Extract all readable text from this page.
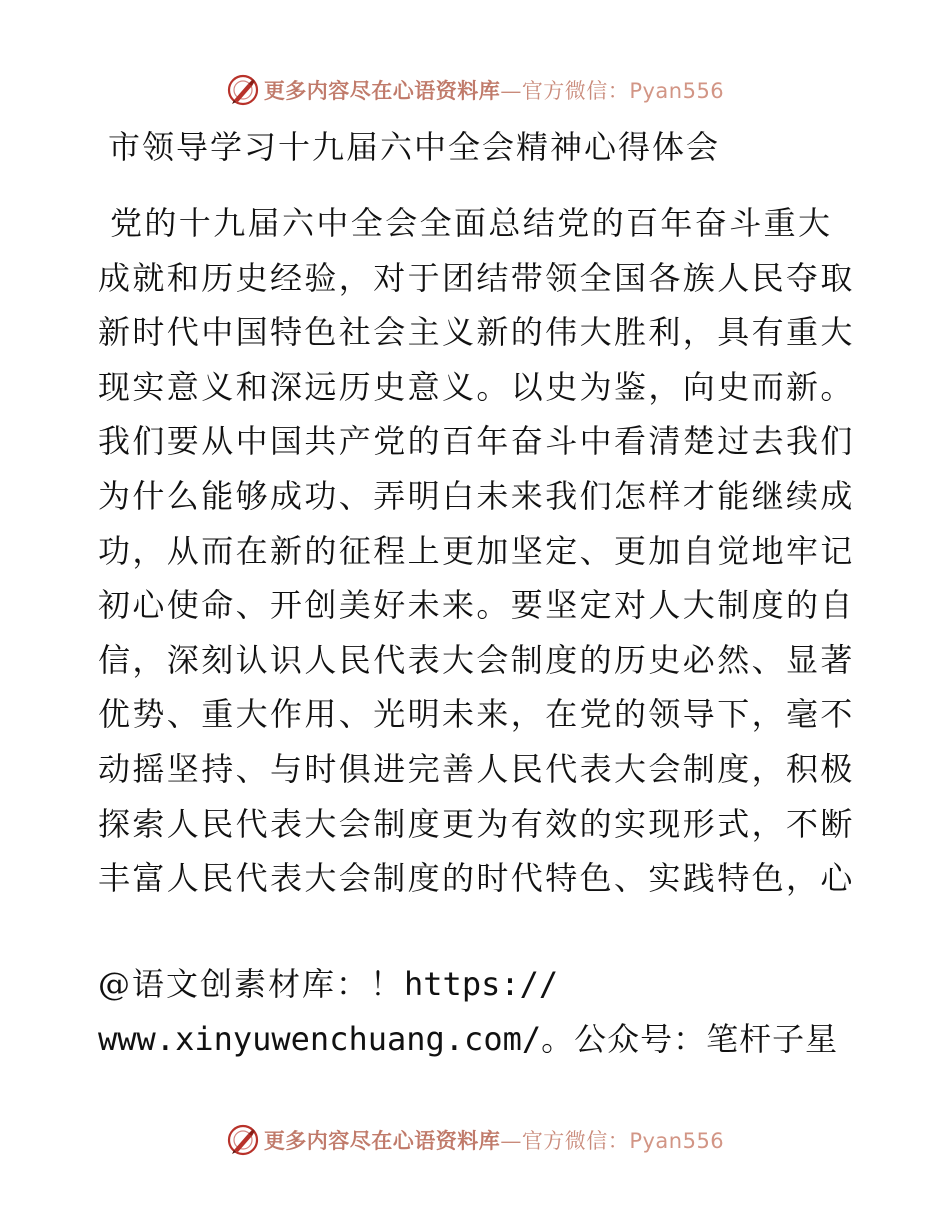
更多内容尽在心语资料库—官方微信：Pyan556
市领导学习十九届六中全会精神心得体会

党的十九届六中全会全面总结党的百年奋斗重大成就和历史经验，对于团结带领全国各族人民夺取新时代中国特色社会主义新的伟大胜利，具有重大现实意义和深远历史意义。以史为鉴，向史而新。我们要从中国共产党的百年奋斗中看清楚过去我们为什么能够成功、弄明白未来我们怎样才能继续成功，从而在新的征程上更加坚定、更加自觉地牢记初心使命、开创美好未来。要坚定对人大制度的自信，深刻认识人民代表大会制度的历史必然、显著优势、重大作用、光明未来，在党的领导下，毫不动摇坚持、与时俱进完善人民代表大会制度，积极探索人民代表大会制度更为有效的实现形式，不断丰富人民代表大会制度的时代特色、实践特色，心

@语文创素材库：！https://
www.xinyuwenchuang.com/。公众号：笔杆子星
更多内容尽在心语资料库—官方微信：Pyan556
